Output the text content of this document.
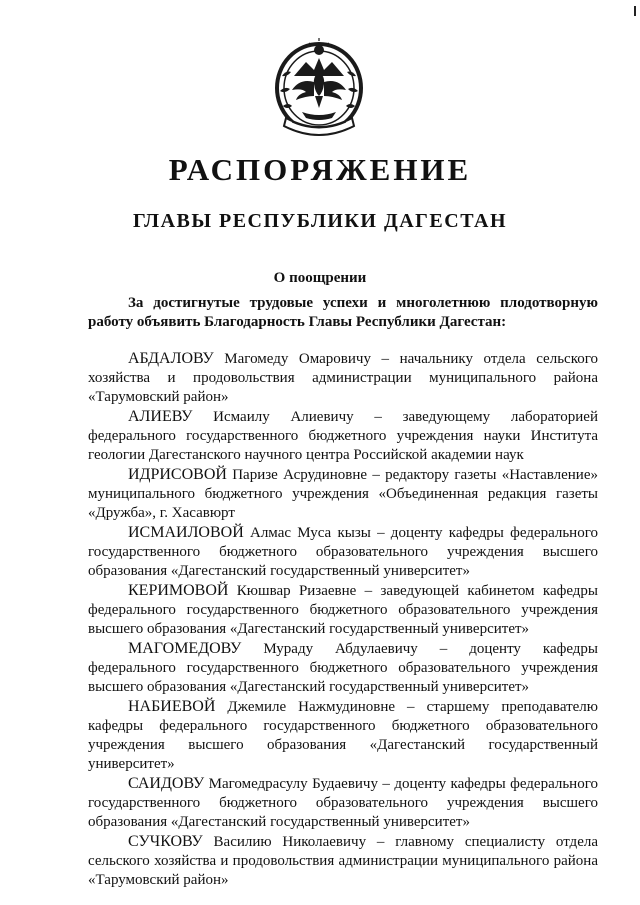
РАСПОРЯЖЕНИЕ
ГЛАВЫ РЕСПУБЛИКИ ДАГЕСТАН
О поощрении
За достигнутые трудовые успехи и многолетнюю плодотворную работу объявить Благодарность Главы Республики Дагестан:

АБДАЛОВУ Магомеду Омаровичу – начальнику отдела сельского хозяйства и продовольствия администрации муниципального района «Тарумовский район»

АЛИЕВУ Исмаилу Алиевичу – заведующему лабораторией федерального государственного бюджетного учреждения науки Института геологии Дагестанского научного центра Российской академии наук

ИДРИСОВОЙ Паризе Асрудиновне – редактору газеты «Наставление» муниципального бюджетного учреждения «Объединенная редакция газеты «Дружба», г. Хасавюрт

ИСМАИЛОВОЙ Алмас Муса кызы – доценту кафедры федерального государственного бюджетного образовательного учреждения высшего образования «Дагестанский государственный университет»

КЕРИМОВОЙ Кюшвар Ризаевне – заведующей кабинетом кафедры федерального государственного бюджетного образовательного учреждения высшего образования «Дагестанский государственный университет»

МАГОМЕДОВУ Мураду Абдулаевичу – доценту кафедры федерального государственного бюджетного образовательного учреждения высшего образования «Дагестанский государственный университет»

НАБИЕВОЙ Джемиле Нажмудиновне – старшему преподавателю кафедры федерального государственного бюджетного образовательного учреждения высшего образования «Дагестанский государственный университет»

САИДОВУ Магомедрасулу Будаевичу – доценту кафедры федерального государственного бюджетного образовательного учреждения высшего образования «Дагестанский государственный университет»

СУЧКОВУ Василию Николаевичу – главному специалисту отдела сельского хозяйства и продовольствия администрации муниципального района «Тарумовский район»
